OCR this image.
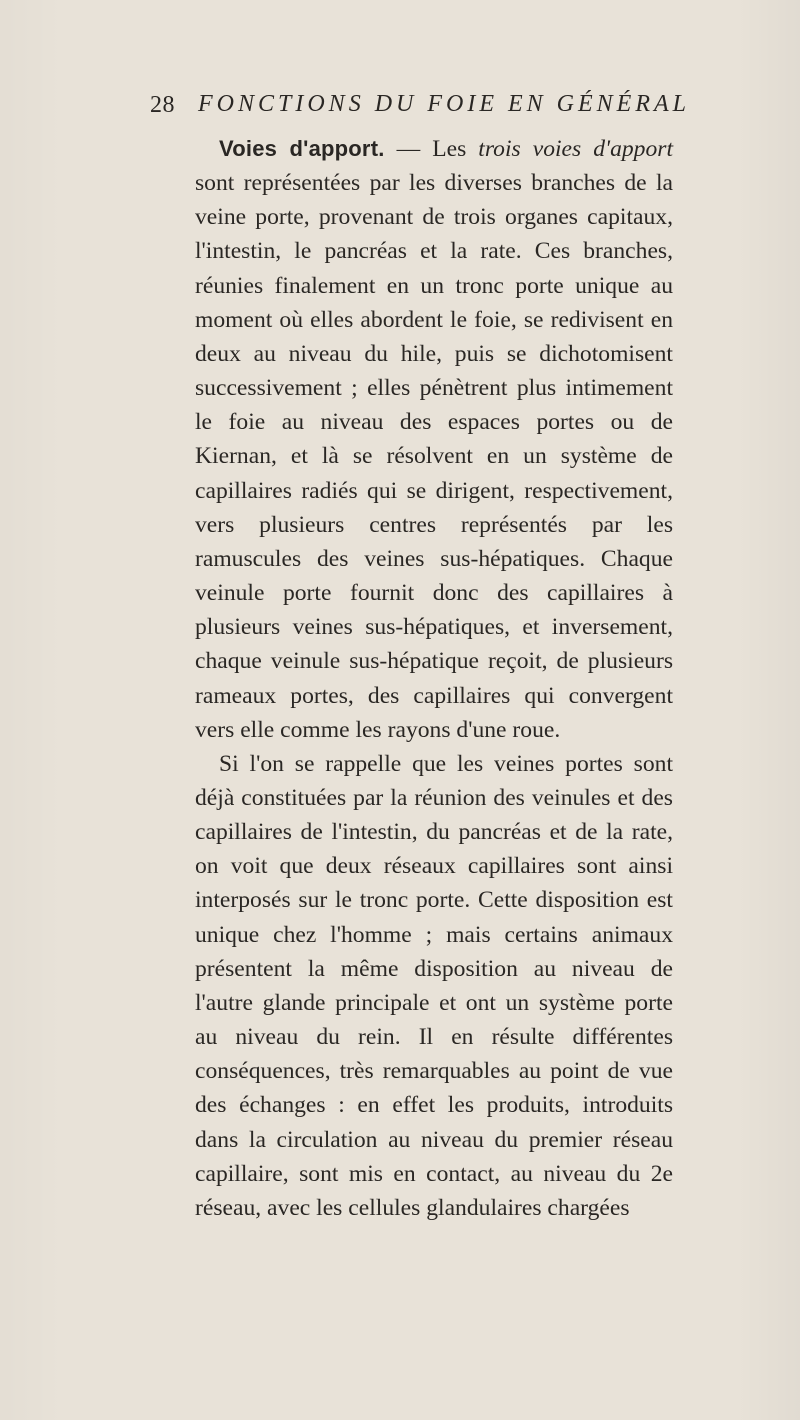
28 FONCTIONS DU FOIE EN GÉNÉRAL

Voies d'apport. — Les trois voies d'apport sont représentées par les diverses branches de la veine porte, provenant de trois organes capitaux, l'intestin, le pancréas et la rate. Ces branches, réunies finalement en un tronc porte unique au moment où elles abordent le foie, se redivisent en deux au niveau du hile, puis se dichotomisent successivement ; elles pénètrent plus intimement le foie au niveau des espaces portes ou de Kiernan, et là se résolvent en un système de capillaires radiés qui se dirigent, respectivement, vers plusieurs centres représentés par les ramuscules des veines sus-hépatiques. Chaque veinule porte fournit donc des capillaires à plusieurs veines sus-hépatiques, et inversement, chaque veinule sus-hépatique reçoit, de plusieurs rameaux portes, des capillaires qui convergent vers elle comme les rayons d'une roue.

Si l'on se rappelle que les veines portes sont déjà constituées par la réunion des veinules et des capillaires de l'intestin, du pancréas et de la rate, on voit que deux réseaux capillaires sont ainsi interposés sur le tronc porte. Cette disposition est unique chez l'homme ; mais certains animaux présentent la même disposition au niveau de l'autre glande principale et ont un système porte au niveau du rein. Il en résulte différentes conséquences, très remarquables au point de vue des échanges : en effet les produits, introduits dans la circulation au niveau du premier réseau capillaire, sont mis en contact, au niveau du 2e réseau, avec les cellules glandulaires chargées
